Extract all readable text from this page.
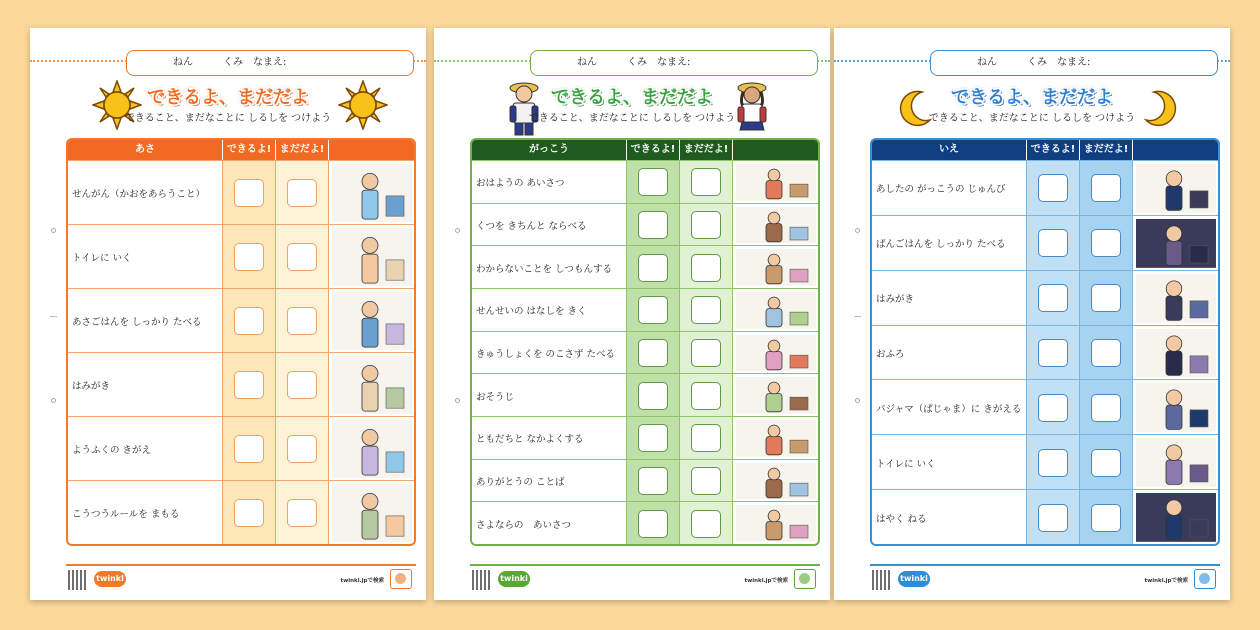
ねん　　　くみ　なまえ:
できるよ、まだだよ
できること、まだなことに しるしを つけよう
あさ	できるよ! まだだよ!
せんがん（かおをあらうこと）
トイレに いく
あさごはんを しっかり たべる
はみがき
ようふくの きがえ
こうつうルールを まもる
twinkl	twinkl.jpで検索
ねん　　　くみ　なまえ:
できるよ、まだだよ
できること、まだなことに しるしを つけよう
がっこう	できるよ! まだだよ!
おはようの あいさつ
くつを きちんと ならべる
わからないことを しつもんする
せんせいの はなしを きく
きゅうしょくを のこさず たべる
おそうじ
ともだちと なかよくする
ありがとうの ことば
さよならの　あいさつ
twinkl	twinkl.jpで検索
ねん　　　くみ　なまえ:
できるよ、まだだよ
できること、まだなことに しるしを つけよう
いえ	できるよ! まだだよ!
あしたの がっこうの じゅんび
ばんごはんを しっかり たべる
はみがき
おふろ
パジャマ（ぱじゃま）に きがえる
トイレに いく
はやく ねる
twinkl	twinkl.jpで検索
